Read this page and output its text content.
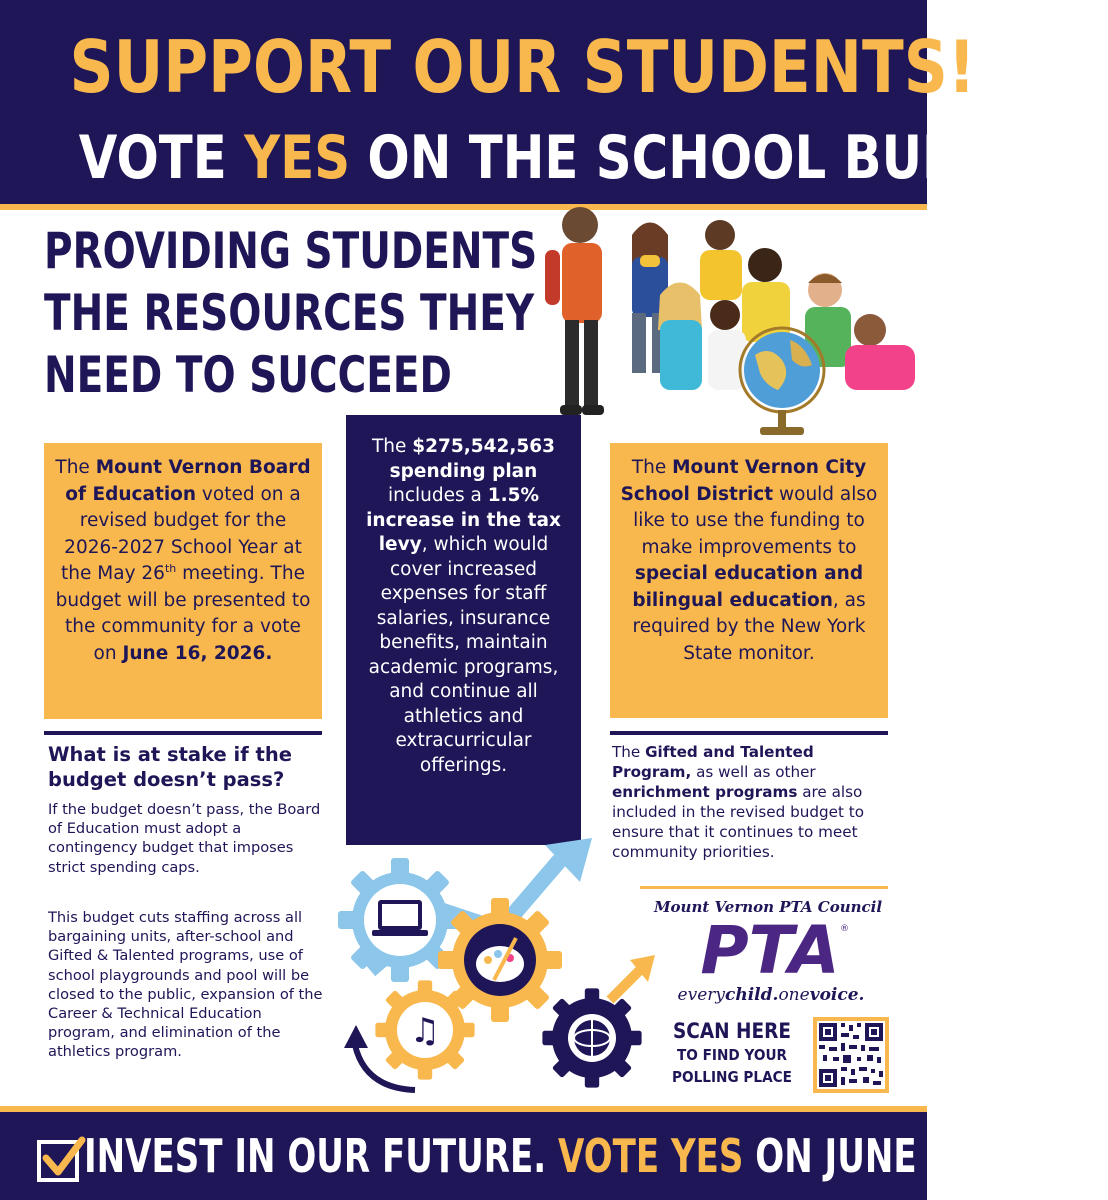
SUPPORT OUR STUDENTS!
VOTE YES ON THE SCHOOL BUDGET
PROVIDING STUDENTS
THE RESOURCES THEY
NEED TO SUCCEED

The Mount Vernon Board of Education voted on a revised budget for the 2026-2027 School Year at the May 26th meeting. The budget will be presented to the community for a vote on June 16, 2026.

The $275,542,563 spending plan includes a 1.5% increase in the tax levy, which would cover increased expenses for staff salaries, insurance benefits, maintain academic programs, and continue all athletics and extracurricular offerings.

The Mount Vernon City School District would also like to use the funding to make improvements to special education and bilingual education, as required by the New York State monitor.

What is at stake if the budget doesn’t pass?

If the budget doesn’t pass, the Board of Education must adopt a contingency budget that imposes strict spending caps.

This budget cuts staffing across all bargaining units, after-school and Gifted & Talented programs, use of school playgrounds and pool will be closed to the public, expansion of the Career & Technical Education program, and elimination of the athletics program.

The Gifted and Talented Program, as well as other enrichment programs are also included in the revised budget to ensure that it continues to meet community priorities.

♫
Mount Vernon PTA Council
PTA ®
everychild.onevoice.
SCAN HERE
TO FIND YOUR
POLLING PLACE
INVEST IN OUR FUTURE. VOTE YES ON JUNE 16, 2026.
